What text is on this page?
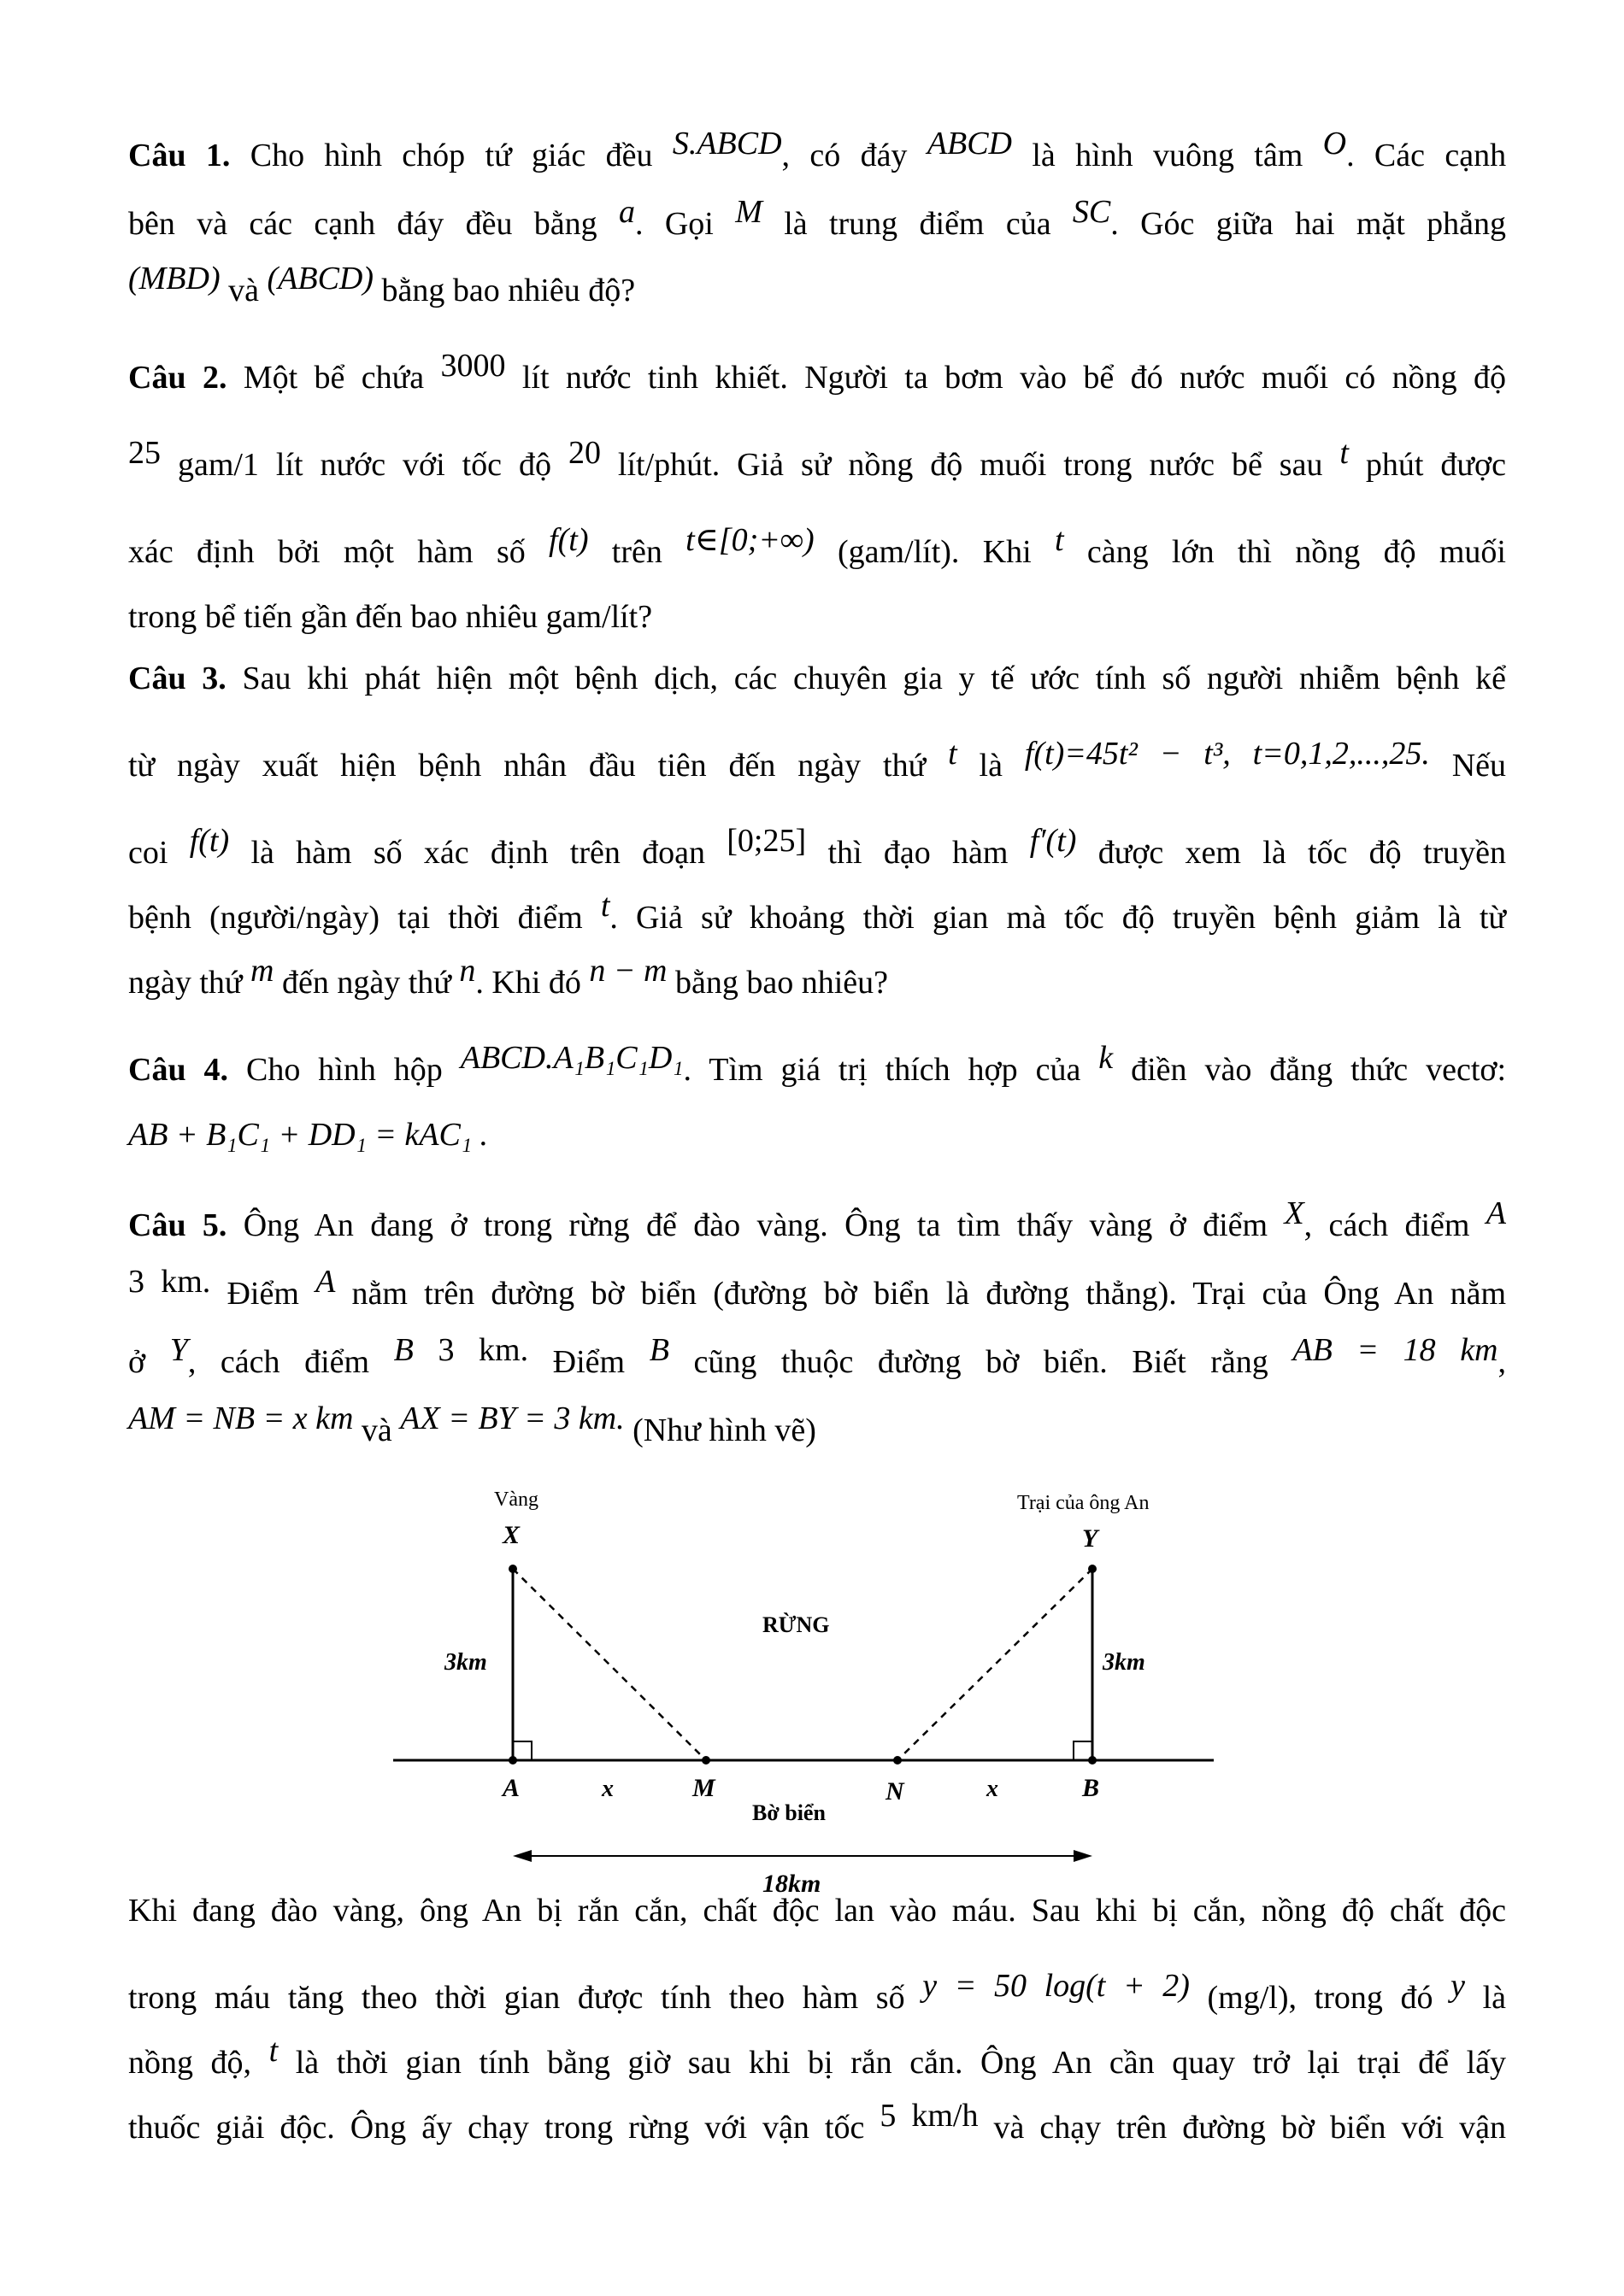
Câu 1. Cho hình chóp tứ giác đều S.ABCD, có đáy ABCD là hình vuông tâm O. Các cạnh
bên và các cạnh đáy đều bằng a. Gọi M là trung điểm của SC. Góc giữa hai mặt phẳng
(MBD) và (ABCD) bằng bao nhiêu độ?
Câu 2. Một bể chứa 3000 lít nước tinh khiết. Người ta bơm vào bể đó nước muối có nồng độ
25 gam/1 lít nước với tốc độ 20 lít/phút. Giả sử nồng độ muối trong nước bể sau t phút được
xác định bởi một hàm số f(t) trên t∈[0;+∞) (gam/lít). Khi t càng lớn thì nồng độ muối
trong bể tiến gần đến bao nhiêu gam/lít?
Câu 3. Sau khi phát hiện một bệnh dịch, các chuyên gia y tế ước tính số người nhiễm bệnh kể
từ ngày xuất hiện bệnh nhân đầu tiên đến ngày thứ t là f(t)=45t² − t³, t=0,1,2,...,25. Nếu
coi f(t) là hàm số xác định trên đoạn [0;25] thì đạo hàm f′(t) được xem là tốc độ truyền
bệnh (người/ngày) tại thời điểm t. Giả sử khoảng thời gian mà tốc độ truyền bệnh giảm là từ
ngày thứ m đến ngày thứ n. Khi đó n − m bằng bao nhiêu?
Câu 4. Cho hình hộp ABCD.A₁B₁C₁D₁. Tìm giá trị thích hợp của k điền vào đẳng thức vectơ:
AB + B₁C₁ + DD₁ = kAC₁ .
Câu 5. Ông An đang ở trong rừng để đào vàng. Ông ta tìm thấy vàng ở điểm X, cách điểm A
3 km. Điểm A nằm trên đường bờ biển (đường bờ biển là đường thẳng). Trại của Ông An nằm
ở Y, cách điểm B 3 km. Điểm B cũng thuộc đường bờ biển. Biết rằng AB = 18 km,
AM = NB = x km và AX = BY = 3 km. (Như hình vẽ)
Vàng	Trại của ông An
X	Y
3km	3km
RỪNG
A	x	M	N	x	B
Bờ biển
18km
Khi đang đào vàng, ông An bị rắn cắn, chất độc lan vào máu. Sau khi bị cắn, nồng độ chất độc
trong máu tăng theo thời gian được tính theo hàm số y = 50 log(t + 2) (mg/l), trong đó y là
nồng độ, t là thời gian tính bằng giờ sau khi bị rắn cắn. Ông An cần quay trở lại trại để lấy
thuốc giải độc. Ông ấy chạy trong rừng với vận tốc 5 km/h và chạy trên đường bờ biển với vận
